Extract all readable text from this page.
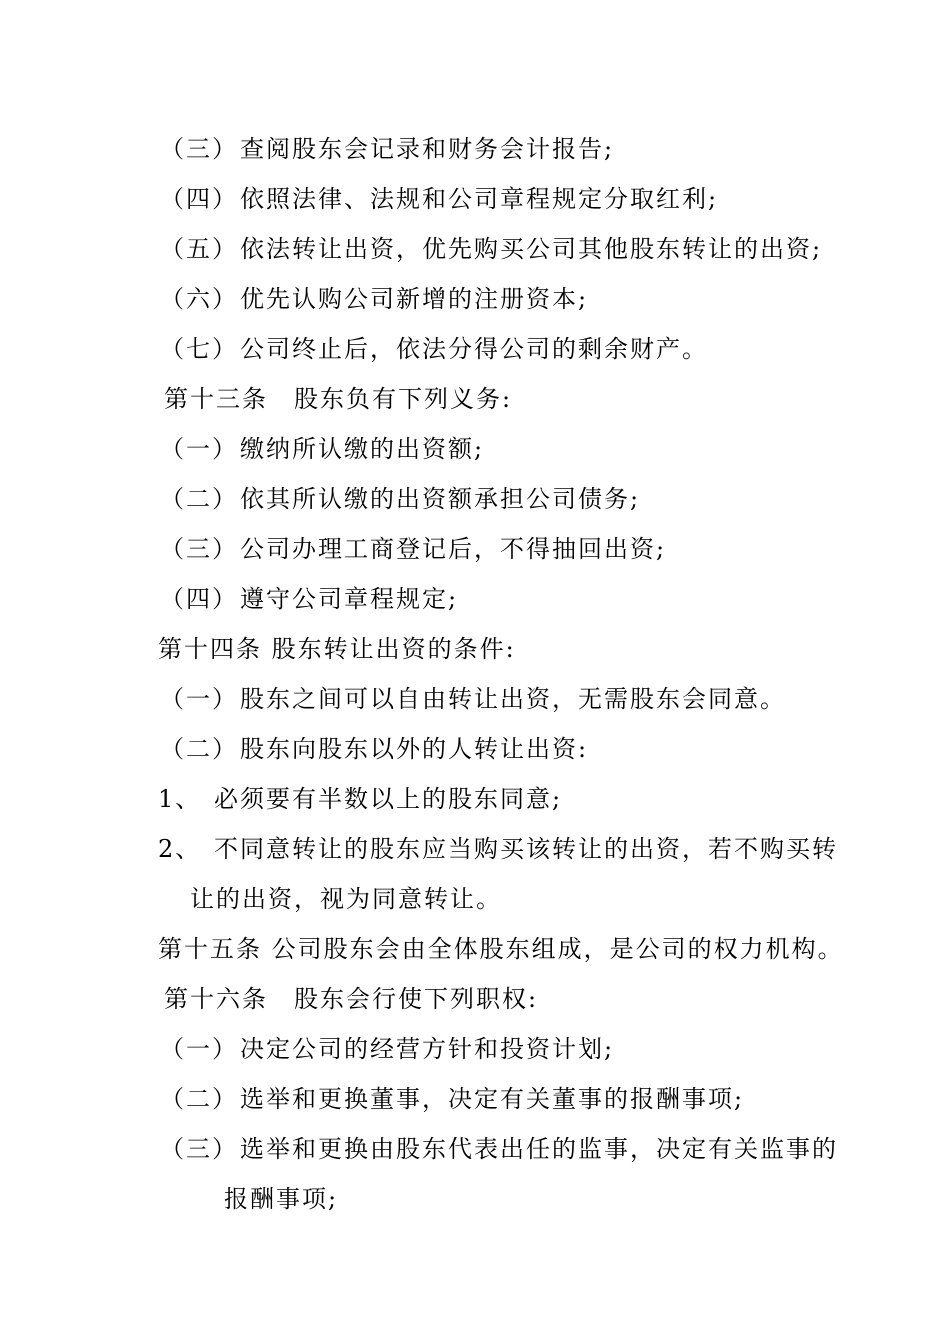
（三）查阅股东会记录和财务会计报告;
（四）依照法律、法规和公司章程规定分取红利;
（五）依法转让出资，优先购买公司其他股东转让的出资;
（六）优先认购公司新增的注册资本;
（七）公司终止后，依法分得公司的剩余财产。
第十三条　股东负有下列义务:
（一）缴纳所认缴的出资额;
（二）依其所认缴的出资额承担公司债务;
（三）公司办理工商登记后，不得抽回出资;
（四）遵守公司章程规定;
第十四条 股东转让出资的条件:
（一）股东之间可以自由转让出资，无需股东会同意。
（二）股东向股东以外的人转让出资:
1、 必须要有半数以上的股东同意;
2、 不同意转让的股东应当购买该转让的出资，若不购买转
让的出资，视为同意转让。
第十五条 公司股东会由全体股东组成，是公司的权力机构。
第十六条　股东会行使下列职权:
（一）决定公司的经营方针和投资计划;
（二）选举和更换董事，决定有关董事的报酬事项;
（三）选举和更换由股东代表出任的监事，决定有关监事的
报酬事项;
